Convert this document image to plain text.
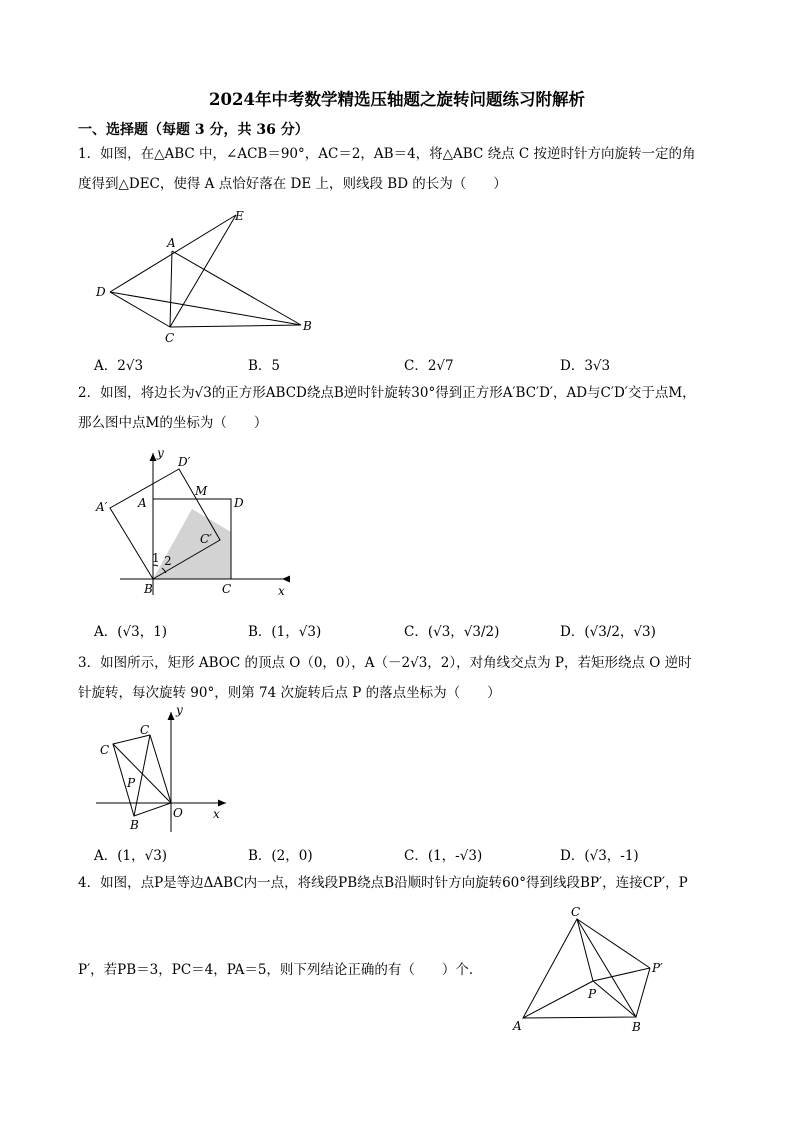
2024年中考数学精选压轴题之旋转问题练习附解析
一、选择题（每题 3 分，共 36 分）
1．如图，在△ABC 中，∠ACB＝90°，AC＝2，AB＝4，将△ABC 绕点 C 按逆时针方向旋转一定的角
度得到△DEC，使得 A 点恰好落在 DE 上，则线段 BD 的长为（　　）
E
A
D
C
B
A．2√3	B．5	C．2√7	D．3√3
2．如图，将边长为√3的正方形ABCD绕点B逆时针旋转30°得到正方形A′BC′D′，AD与C′D′交于点M，
那么图中点M的坐标为（　　）
y
D′
A′	A
M
D
C′
1 2
B	C	x
A．(√3，1)	B．(1，√3)	C．(√3，√3/2)	D．(√3/2，√3)
3．如图所示，矩形 ABOC 的顶点 O（0，0），A（－2√3，2），对角线交点为 P，若矩形绕点 O 逆时
针旋转，每次旋转 90°，则第 74 次旋转后点 P 的落点坐标为（　　）
C
C
y
P
B
O	x
A．(1，√3)	B．(2，0)	C．(1，-√3)	D．(√3，-1)
4．如图，点P是等边ΔABC内一点，将线段PB绕点B沿顺时针方向旋转60°得到线段BP′，连接CP′，P
P′，若PB＝3，PC＝4，PA＝5，则下列结论正确的有（　　）个．
C
P′
P
A	B
